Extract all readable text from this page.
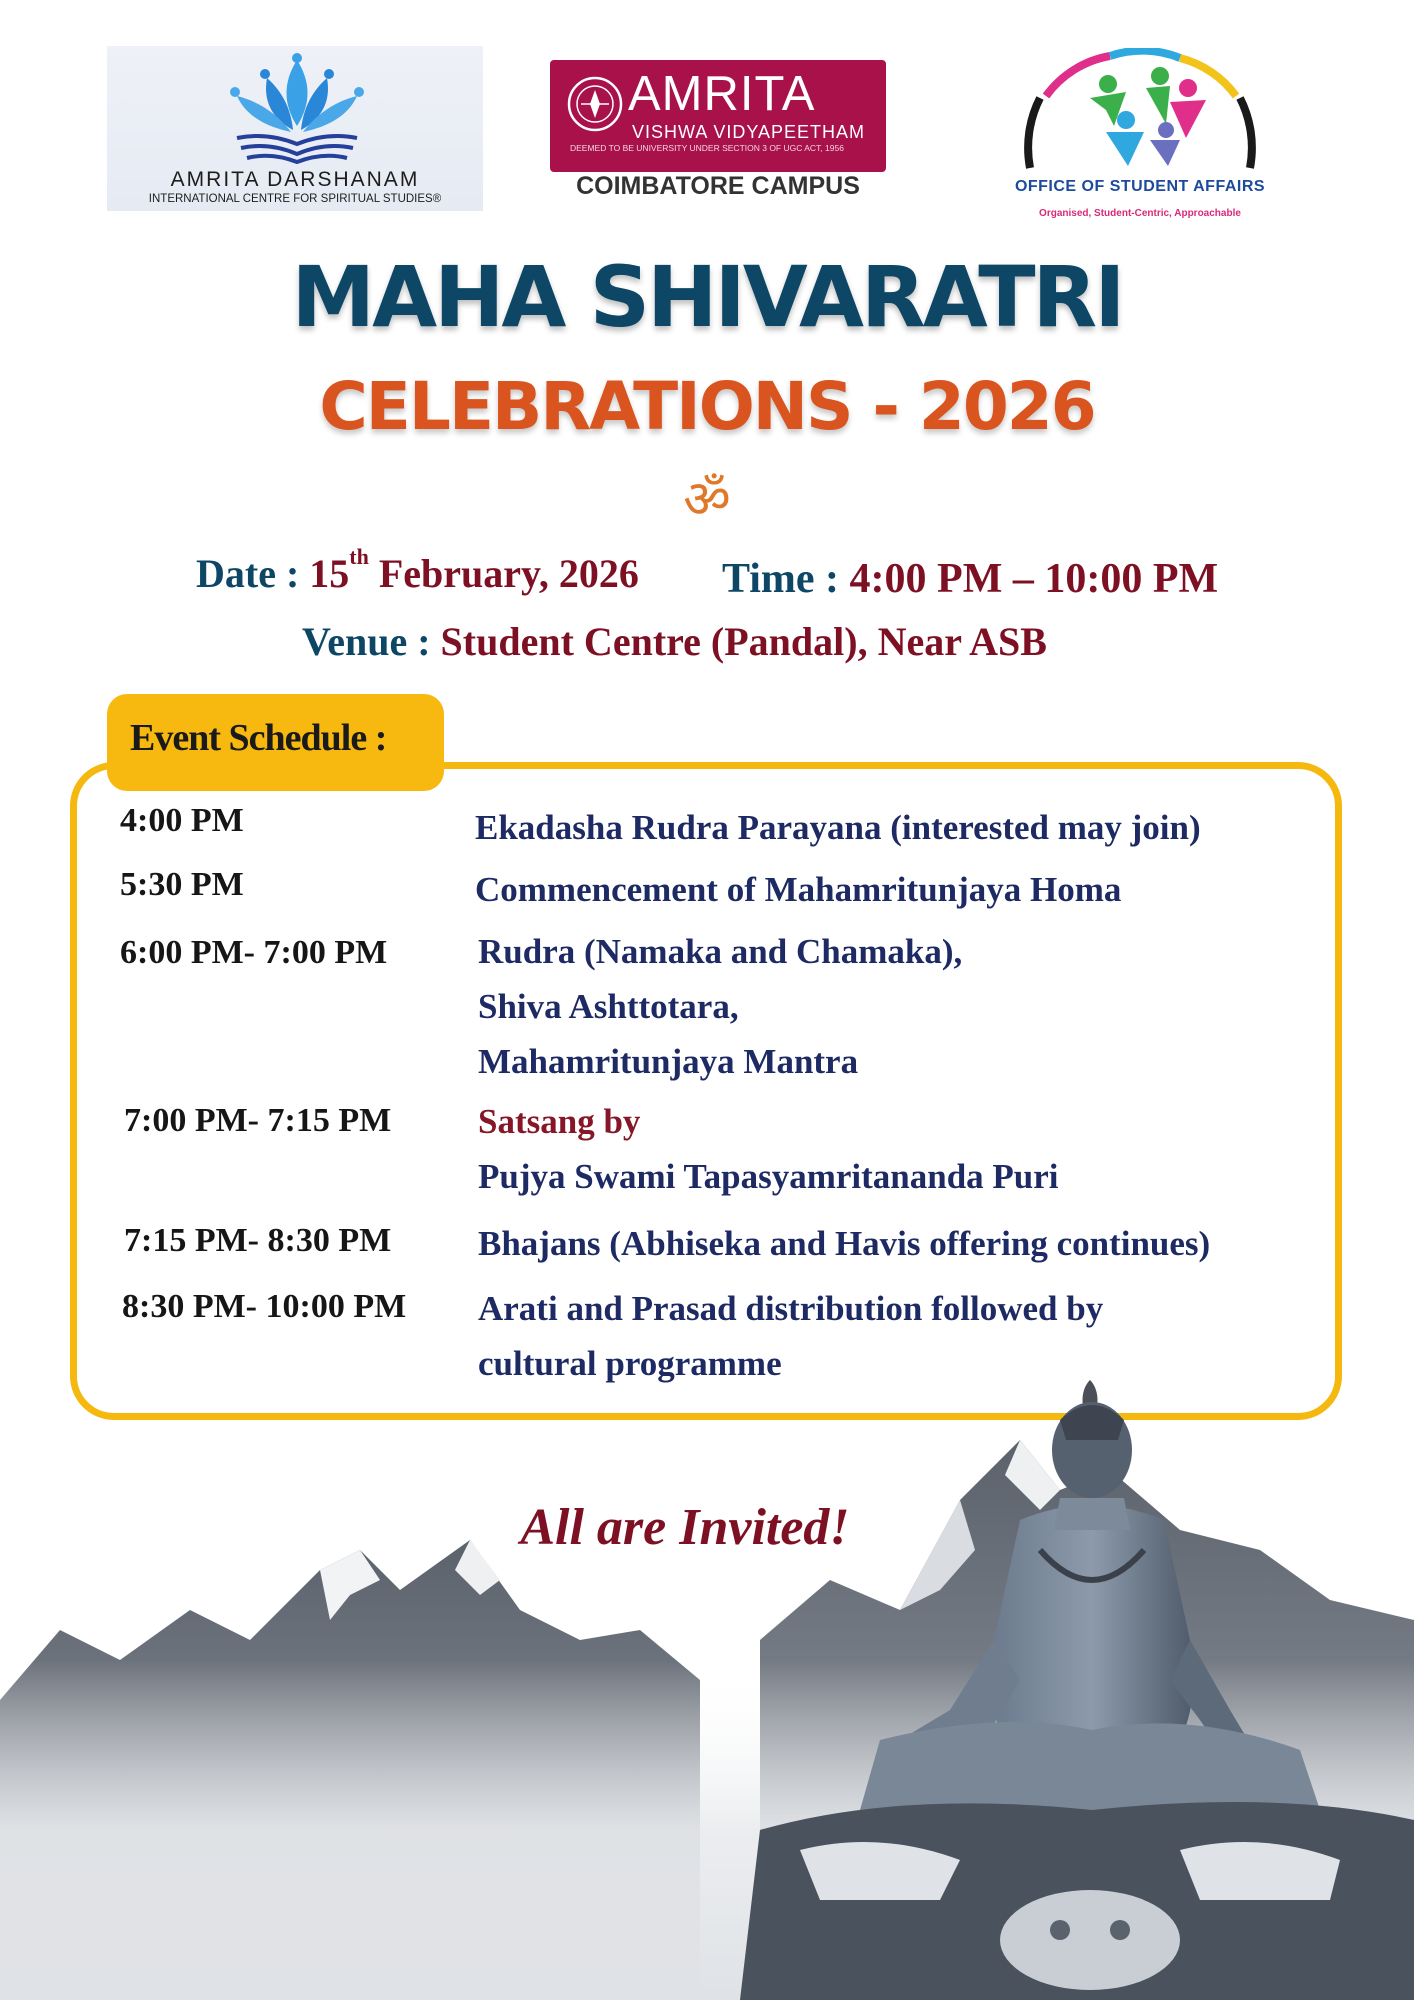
AMRITA DARSHANAM
INTERNATIONAL CENTRE FOR SPIRITUAL STUDIES®
AMRITA
VISHWA VIDYAPEETHAM
DEEMED TO BE UNIVERSITY UNDER SECTION 3 OF UGC ACT, 1956
COIMBATORE CAMPUS	OFFICE OF STUDENT AFFAIRS
Organised, Student-Centric, Approachable
MAHA SHIVARATRI
CELEBRATIONS - 2026
ॐ
Date : 15th February, 2026 Time : 4:00 PM – 10:00 PM
Venue : Student Centre (Pandal), Near ASB
Event Schedule :
4:00 PM	Ekadasha Rudra Parayana (interested may join)
5:30 PM	Commencement of Mahamritunjaya Homa
6:00 PM- 7:00 PM	Rudra (Namaka and Chamaka),
Shiva Ashttotara,
Mahamritunjaya Mantra
7:00 PM- 7:15 PM Satsang by
Pujya Swami Tapasyamritananda Puri
7:15 PM- 8:30 PM Bhajans (Abhiseka and Havis offering continues)
8:30 PM- 10:00 PM Arati and Prasad distribution followed by
cultural programme
All are Invited!
